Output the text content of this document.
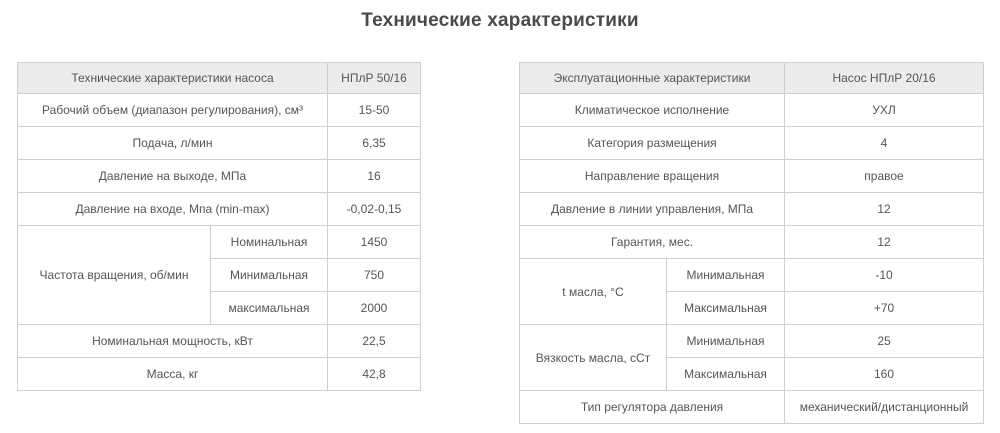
Технические характеристики
Технические характеристики насоса		НПлР 50/16
Рабочий объем (диапазон регулирования), см³		15-50
Подача, л/мин		6,35
Давление на выходе, МПа		16
Давление на входе, Мпа (min-max)		-0,02-0,15
Частота вращения, об/мин	Номинальная	1450
	Минимальная	750
	максимальная	2000
Номинальная мощность, кВт		22,5
Масса, кг		42,8
Эксплуатационные характеристики		Насос НПлР 20/16
Климатическое исполнение		УХЛ
Категория размещения		4
Направление вращения		правое
Давление в линии управления, МПа		12
Гарантия, мес.		12
t масла, °С	Минимальная	-10
	Максимальная	+70
Вязкость масла, сСт	Минимальная	25
	Максимальная	160
Тип регулятора давления		механический/дистанционный
